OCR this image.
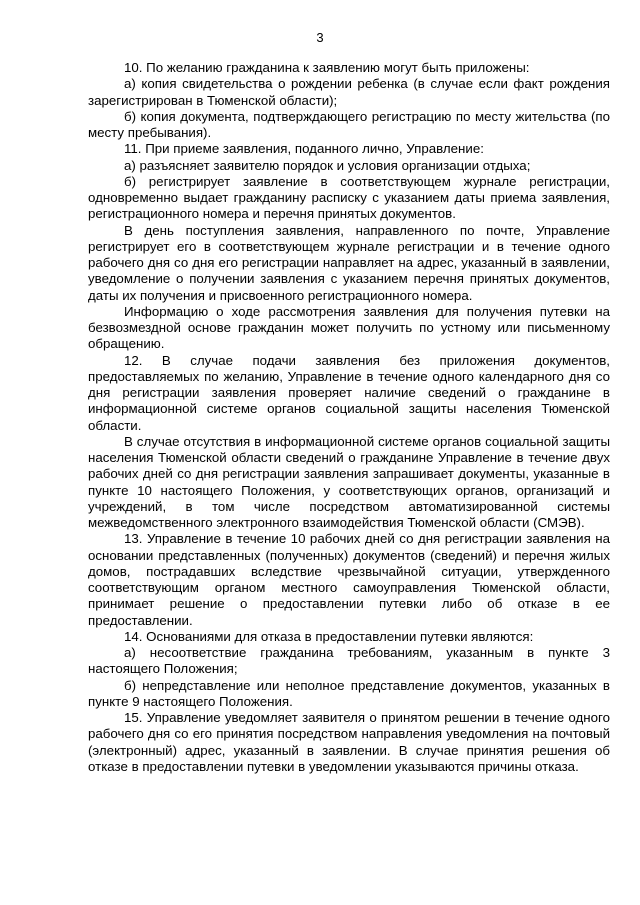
3

10. По желанию гражданина к заявлению могут быть приложены:

а) копия свидетельства о рождении ребенка (в случае если факт рождения зарегистрирован в Тюменской области);

б) копия документа, подтверждающего регистрацию по месту жительства (по месту пребывания).

11. При приеме заявления, поданного лично, Управление:

а) разъясняет заявителю порядок и условия организации отдыха;

б) регистрирует заявление в соответствующем журнале регистрации, одновременно выдает гражданину расписку с указанием даты приема заявления, регистрационного номера и перечня принятых документов.

В день поступления заявления, направленного по почте, Управление регистрирует его в соответствующем журнале регистрации и в течение одного рабочего дня со дня его регистрации направляет на адрес, указанный в заявлении, уведомление о получении заявления с указанием перечня принятых документов, даты их получения и присвоенного регистрационного номера.

Информацию о ходе рассмотрения заявления для получения путевки на безвозмездной основе гражданин может получить по устному или письменному обращению.

12. В случае подачи заявления без приложения документов, предоставляемых по желанию, Управление в течение одного календарного дня со дня регистрации заявления проверяет наличие сведений о гражданине в информационной системе органов социальной защиты населения Тюменской области.

В случае отсутствия в информационной системе органов социальной защиты населения Тюменской области сведений о гражданине Управление в течение двух рабочих дней со дня регистрации заявления запрашивает документы, указанные в пункте 10 настоящего Положения, у соответствующих органов, организаций и учреждений, в том числе посредством автоматизированной системы межведомственного электронного взаимодействия Тюменской области (СМЭВ).

13. Управление в течение 10 рабочих дней со дня регистрации заявления на основании представленных (полученных) документов (сведений) и перечня жилых домов, пострадавших вследствие чрезвычайной ситуации, утвержденного соответствующим органом местного самоуправления Тюменской области, принимает решение о предоставлении путевки либо об отказе в ее предоставлении.

14. Основаниями для отказа в предоставлении путевки являются:

а) несоответствие гражданина требованиям, указанным в пункте 3 настоящего Положения;

б) непредставление или неполное представление документов, указанных в пункте 9 настоящего Положения.

15. Управление уведомляет заявителя о принятом решении в течение одного рабочего дня со его принятия посредством направления уведомления на почтовый (электронный) адрес, указанный в заявлении. В случае принятия решения об отказе в предоставлении путевки в уведомлении указываются причины отказа.
